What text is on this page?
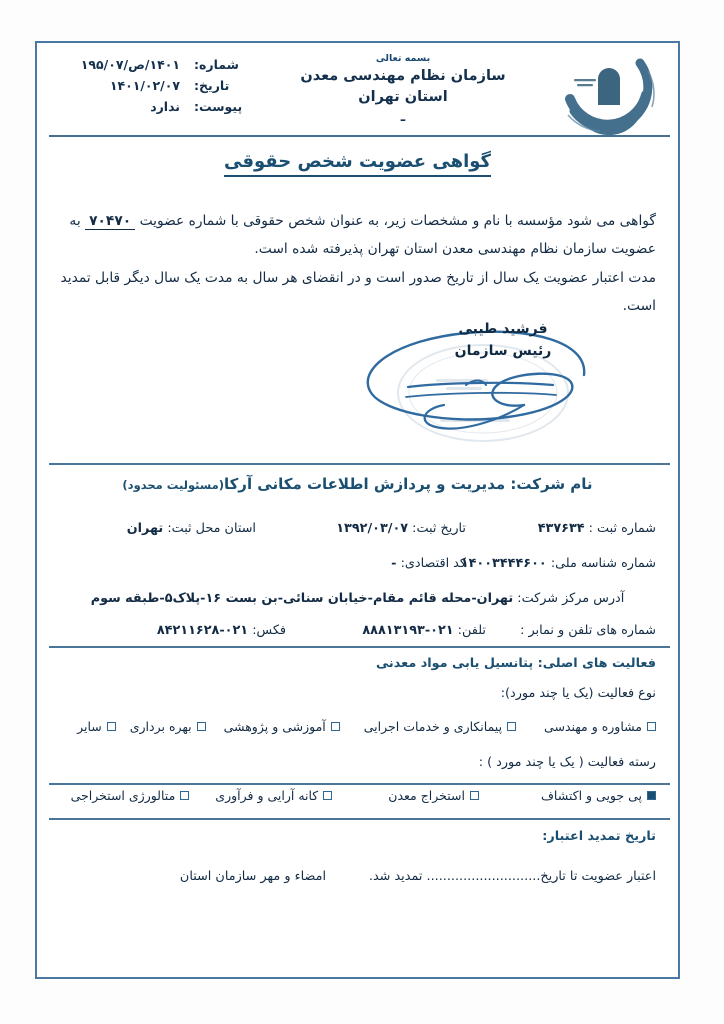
شماره:
۱۴۰۱/ص/۱۹۵/۰۷
تاریخ:
۱۴۰۱/۰۲/۰۷
پیوست:
ندارد
بسمه تعالی
سازمان نظام مهندسی معدن
استان تهران
ـ
گواهی عضویت شخص حقوقی

گواهی می شود مؤسسه با نام و مشخصات زیر، به عنوان شخص حقوقی با شماره عضویت ۷۰۴۷۰ به عضویت سازمان نظام مهندسی معدن استان تهران پذیرفته شده است.

مدت اعتبار عضویت یک سال از تاریخ صدور است و در انقضای هر سال به مدت یک سال دیگر قابل تمدید است.

فرشید طیبی
رئیس سازمان
نام شرکت: مدیریت و پردازش اطلاعات مکانی آرکا(مسئولیت محدود)
شماره ثبت : ۴۳۷۶۳۴
تاریخ ثبت: ۱۳۹۲/۰۳/۰۷
استان محل ثبت: تهران
شماره شناسه ملی: ۱۴۰۰۳۴۴۴۶۰۰
کد اقتصادی: -
آدرس مرکز شرکت: تهران-محله قائم مقام-خیابان سنائی-بن بست ۱۶-پلاک۵-طبقه سوم
شماره های تلفن و نمابر :
تلفن: ۰۲۱-۸۸۸۱۳۱۹۳
فکس: ۰۲۱-۸۴۲۱۱۶۲۸
فعالیت های اصلی: پتانسیل یابی مواد معدنی
نوع فعالیت (یک یا چند مورد):
مشاوره و مهندسی
پیمانکاری و خدمات اجرایی
آموزشی و پژوهشی
بهره برداری
سایر
رسته فعالیت ( یک یا چند مورد ) :
پی جویی و اکتشاف
استخراج معدن
کانه آرایی و فرآوری
متالورژی استخراجی
تاریخ تمدید اعتبار:
اعتبار عضویت تا تاریخ............................ تمدید شد.
امضاء و مهر سازمان استان
